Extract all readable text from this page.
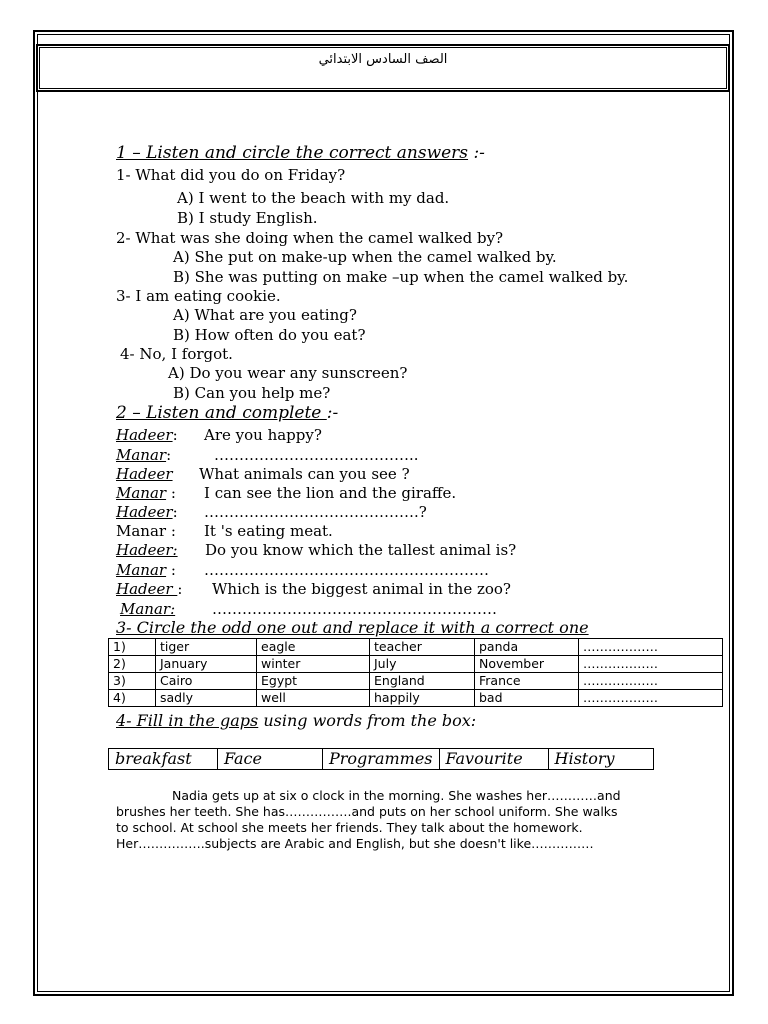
الصف السادس الابتدائي
1 – Listen and circle the correct answers :-
1- ‌What did you do on Friday?
A) I went to the beach with my dad.
B) I study English.
2- What was she doing when the camel walked by?
A) She put on make-up when the camel walked by.
B) She was putting on make –up when the camel walked by.
3- I am eating cookie.
A) What are you eating?
B) How often do you eat?
4- No, I forgot.
A) Do you wear any sunscreen?
B) Can you help me?
2 – Listen and complete :-
Hadeer: Are you happy?
Manar:	…………………………………..
Hadeer What animals can you see ?
Manar : I can see the lion and the giraffe.
Hadeer: …………………………………….?
Manar : It 's eating meat.
Hadeer: Do you know which the tallest animal is?
Manar : …………………………………………………
Hadeer : Which is the biggest animal in the zoo?
Manar: …………………………………………………
3- Circle the odd one out and replace it with a correct one
1)	tiger	eagle	teacher	panda	………………
2)	January	winter	July	November	………………
3)	Cairo	Egypt	England	France	………………
4)	sadly	well	happily	bad	………………
4- Fill in the gaps using words from the box:
breakfast	Face	Programmes	Favourite	History
Nadia gets up at six o clock in the morning. She washes her…………and
brushes her teeth. She has…………….and puts on her school uniform. She walks
to school. At school she meets her friends. They talk about the homework.
Her…………….subjects are Arabic and English, but she doesn't like……………
